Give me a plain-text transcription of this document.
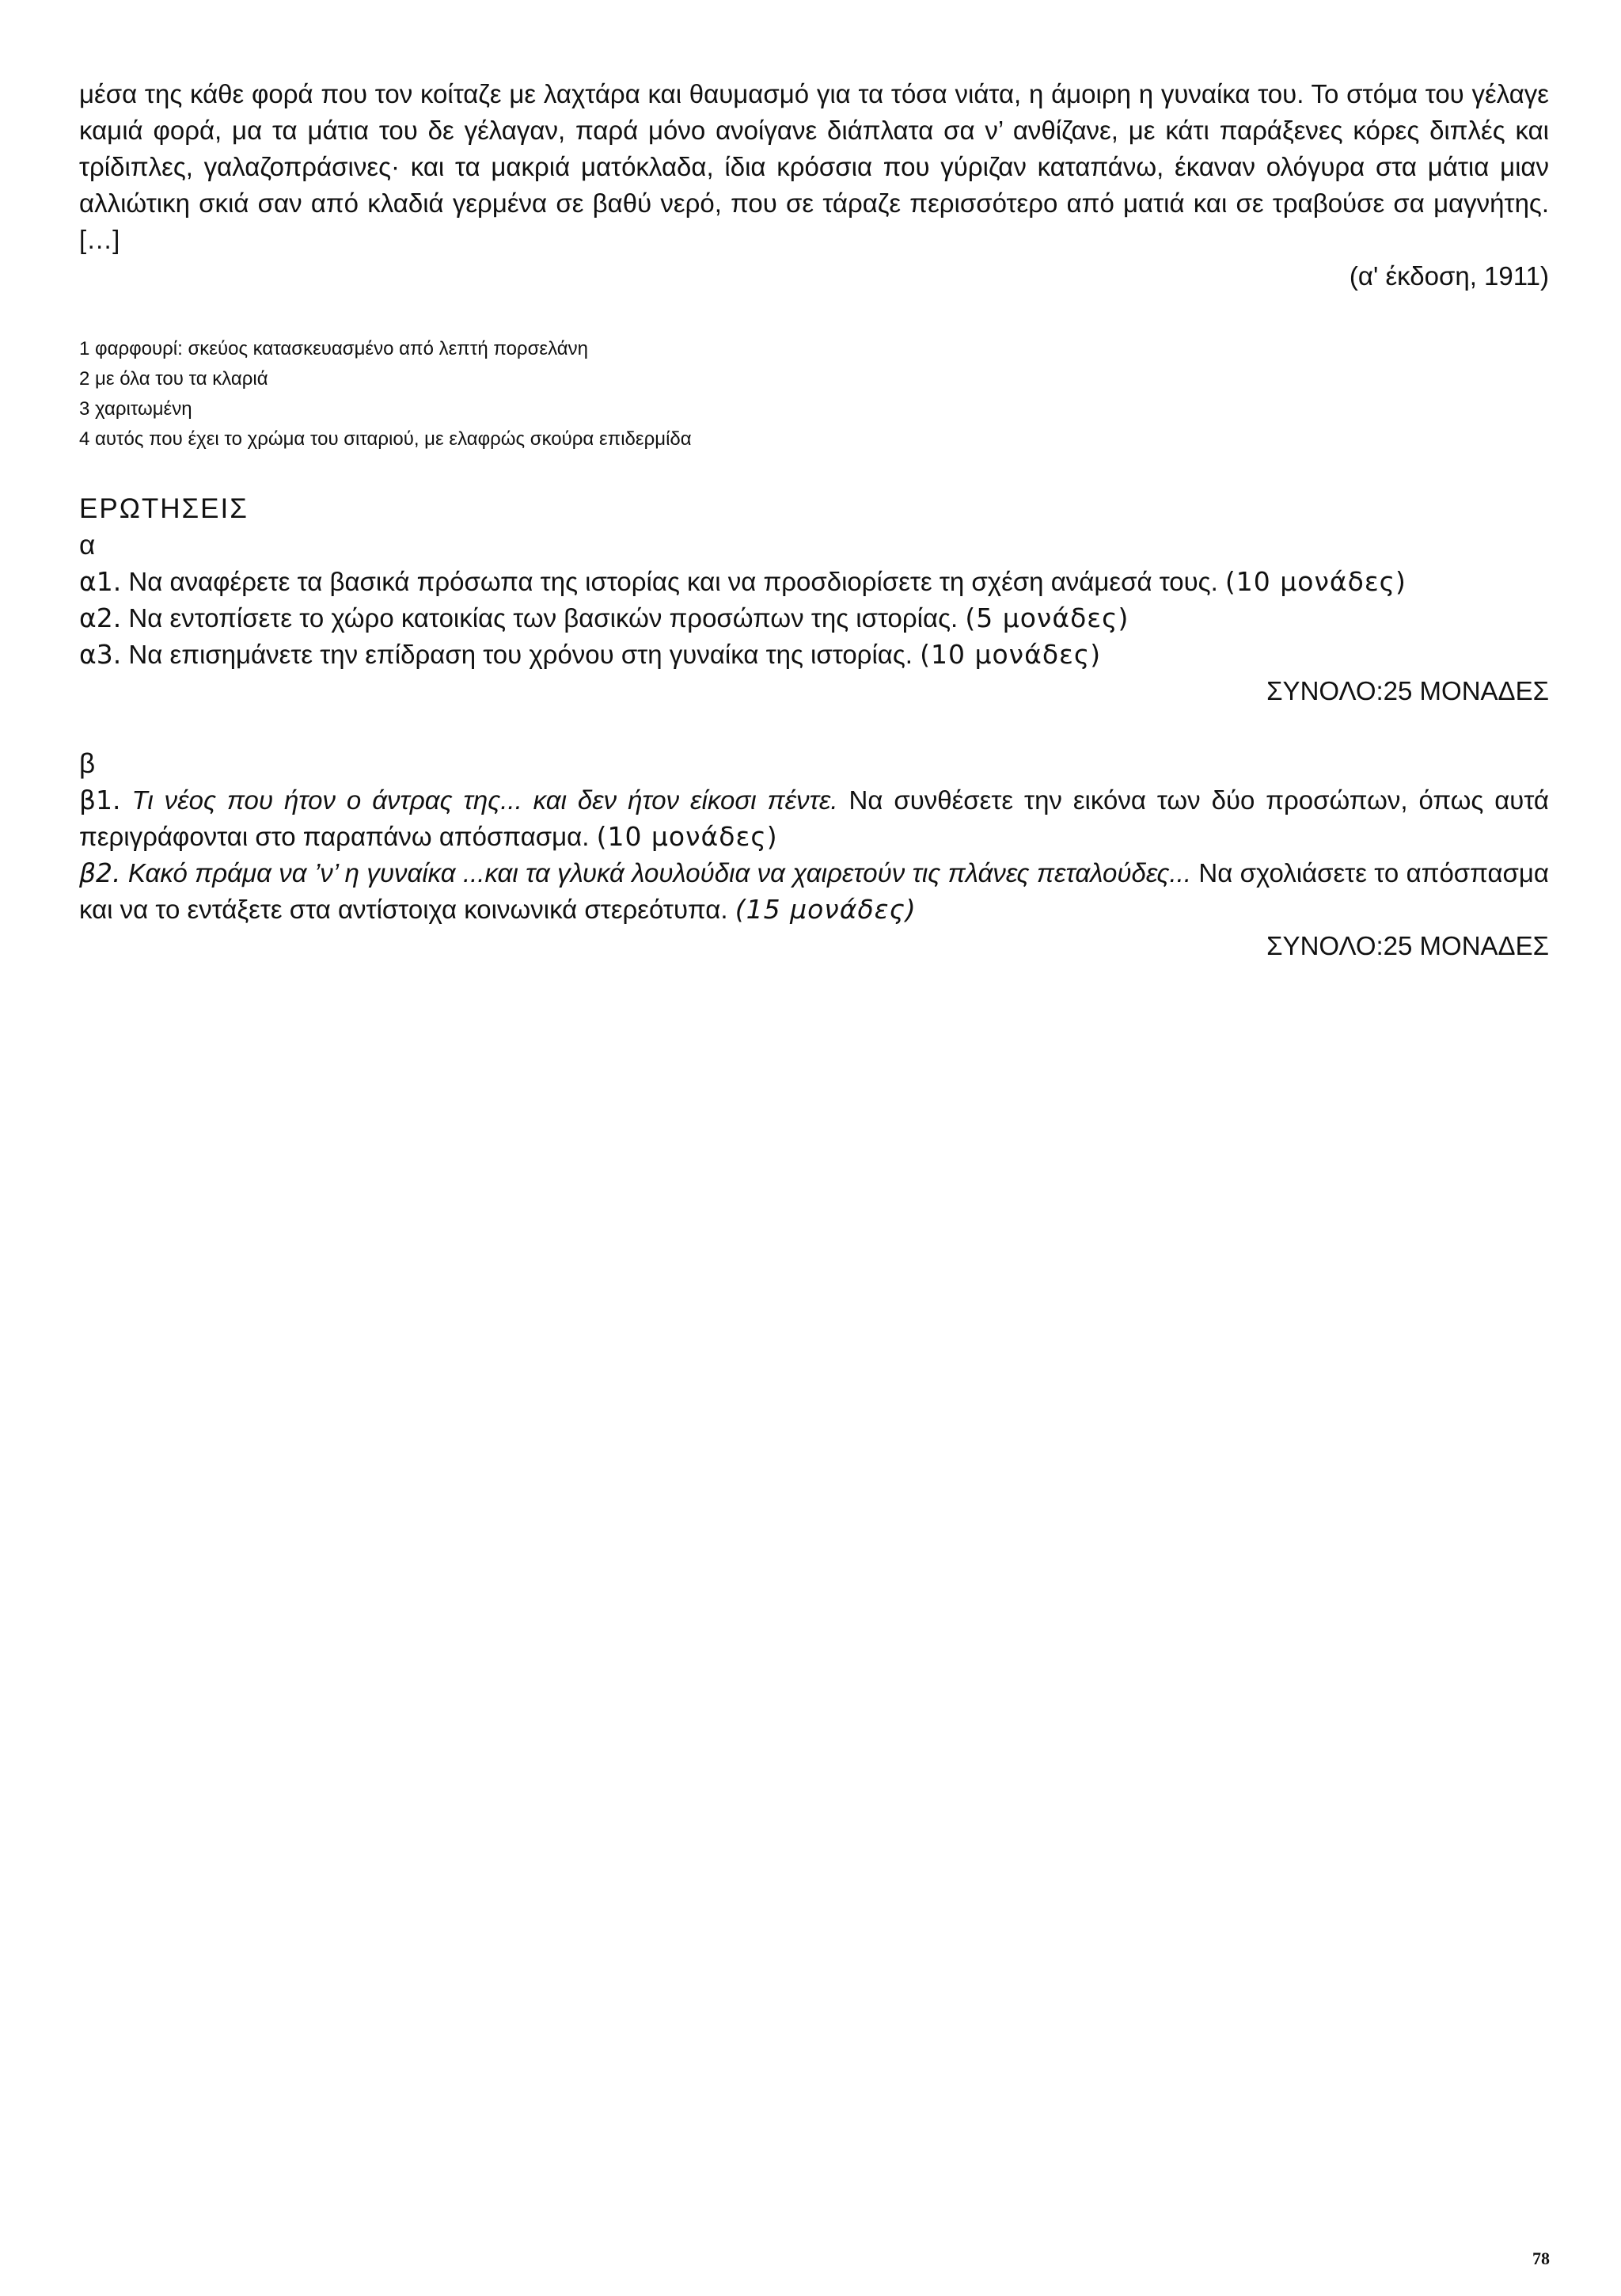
μέσα της κάθε φορά που τον κοίταζε με λαχτάρα και θαυμασμό για τα τόσα νιάτα, η άμοιρη η γυναίκα του. Το στόμα του γέλαγε καμιά φορά, μα τα μάτια του δε γέλαγαν, παρά μόνο ανοίγανε διάπλατα σα ν’ ανθίζανε, με κάτι παράξενες κόρες διπλές και τρίδιπλες, γαλαζοπράσινες· και τα μακριά ματόκλαδα, ίδια κρόσσια που γύριζαν καταπάνω, έκαναν ολόγυρα στα μάτια μιαν αλλιώτικη σκιά σαν από κλαδιά γερμένα σε βαθύ νερό, που σε τάραζε περισσότερο από ματιά και σε τραβούσε σα μαγνήτης. […]

(α' έκδοση, 1911)
1 φαρφουρί: σκεύος κατασκευασμένο από λεπτή πορσελάνη
2 με όλα του τα κλαριά
3 χαριτωμένη
4 αυτός που έχει το χρώμα του σιταριού, με ελαφρώς σκούρα επιδερμίδα
ΕΡΩΤΗΣΕΙΣ
α
α1. Να αναφέρετε τα βασικά πρόσωπα της ιστορίας και να προσδιορίσετε τη σχέση ανάμεσά τους. (10 μονάδες)
α2. Να εντοπίσετε το χώρο κατοικίας των βασικών προσώπων της ιστορίας. (5 μονάδες)
α3. Να επισημάνετε την επίδραση του χρόνου στη γυναίκα της ιστορίας. (10 μονάδες)
ΣΥΝΟΛΟ:25 ΜΟΝΑΔΕΣ
β
β1. Τι νέος που ήτον ο άντρας της... και δεν ήτον είκοσι πέντε. Να συνθέσετε την εικόνα των δύο προσώπων, όπως αυτά περιγράφονται στο παραπάνω απόσπασμα. (10 μονάδες)
β2. Κακό πράμα να ’ν’ η γυναίκα ...και τα γλυκά λουλούδια να χαιρετούν τις πλάνες πεταλούδες... Να σχολιάσετε το απόσπασμα και να το εντάξετε στα αντίστοιχα κοινωνικά στερεότυπα. (15 μονάδες)
ΣΥΝΟΛΟ:25 ΜΟΝΑΔΕΣ
78
